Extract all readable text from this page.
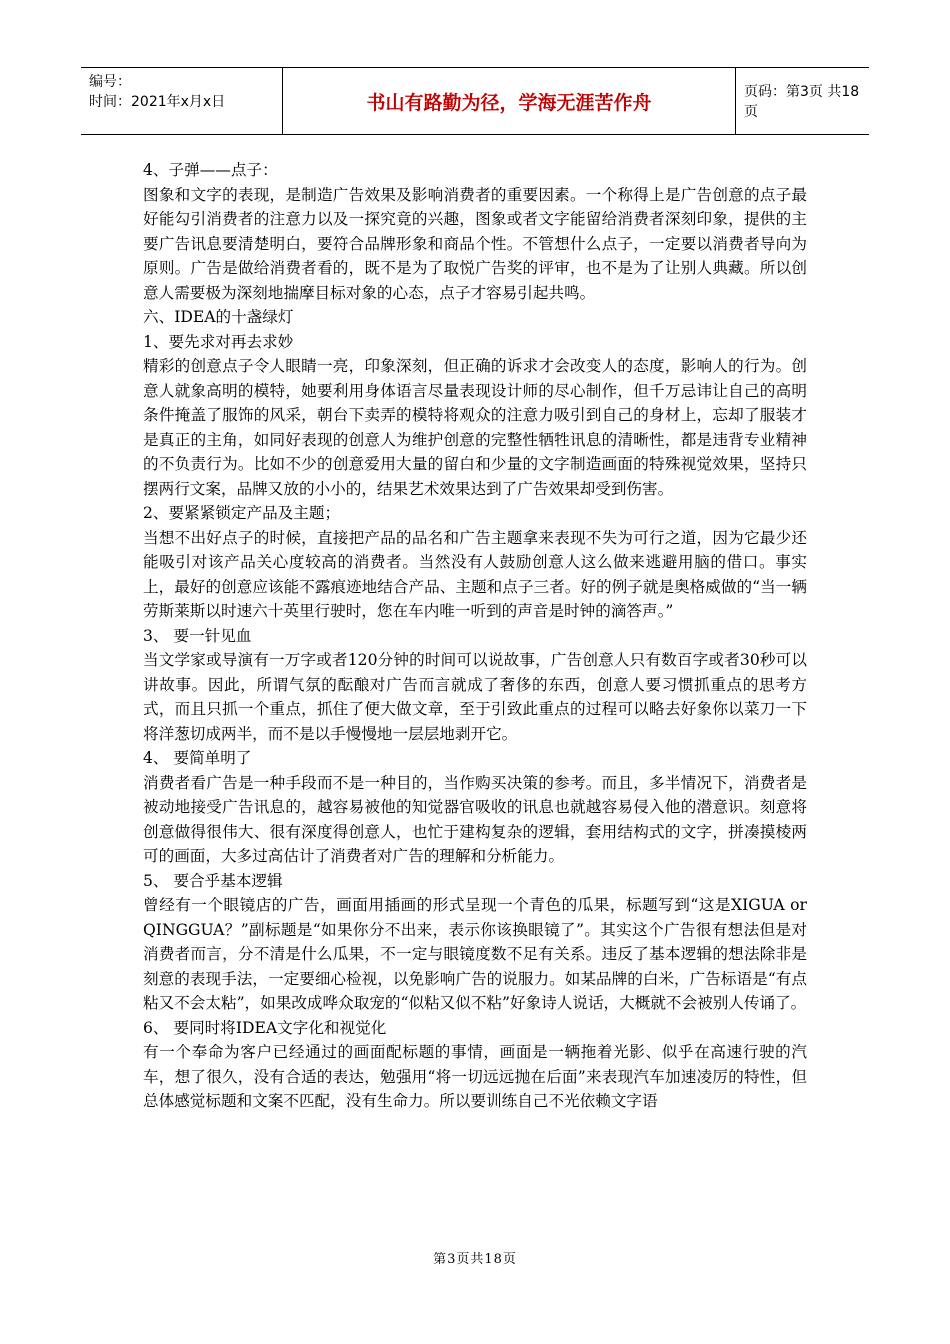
编号：
时间：2021年x月x日	书山有路勤为径，学海无涯苦作舟	页码：第3页 共18页

4、子弹——点子：

图象和文字的表现，是制造广告效果及影响消费者的重要因素。一个称得上是广告创意的点子最好能勾引消费者的注意力以及一探究竟的兴趣，图象或者文字能留给消费者深刻印象，提供的主要广告讯息要清楚明白，要符合品牌形象和商品个性。不管想什么点子，一定要以消费者导向为原则。广告是做给消费者看的，既不是为了取悦广告奖的评审，也不是为了让别人典藏。所以创意人需要极为深刻地揣摩目标对象的心态，点子才容易引起共鸣。

六、IDEA的十盏绿灯

1、要先求对再去求妙

精彩的创意点子令人眼睛一亮，印象深刻，但正确的诉求才会改变人的态度，影响人的行为。创意人就象高明的模特，她要利用身体语言尽量表现设计师的尽心制作，但千万忌讳让自己的高明条件掩盖了服饰的风采，朝台下卖弄的模特将观众的注意力吸引到自己的身材上，忘却了服装才是真正的主角，如同好表现的创意人为维护创意的完整性牺牲讯息的清晰性，都是违背专业精神的不负责行为。比如不少的创意爱用大量的留白和少量的文字制造画面的特殊视觉效果，坚持只摆两行文案，品牌又放的小小的，结果艺术效果达到了广告效果却受到伤害。

2、要紧紧锁定产品及主题；

当想不出好点子的时候，直接把产品的品名和广告主题拿来表现不失为可行之道，因为它最少还能吸引对该产品关心度较高的消费者。当然没有人鼓励创意人这么做来逃避用脑的借口。事实上，最好的创意应该能不露痕迹地结合产品、主题和点子三者。好的例子就是奥格威做的“当一辆劳斯莱斯以时速六十英里行驶时，您在车内唯一听到的声音是时钟的滴答声。”

3、 要一针见血

当文学家或导演有一万字或者120分钟的时间可以说故事，广告创意人只有数百字或者30秒可以讲故事。因此，所谓气氛的酝酿对广告而言就成了奢侈的东西，创意人要习惯抓重点的思考方式，而且只抓一个重点，抓住了便大做文章，至于引致此重点的过程可以略去好象你以菜刀一下将洋葱切成两半，而不是以手慢慢地一层层地剥开它。

4、 要简单明了

消费者看广告是一种手段而不是一种目的，当作购买决策的参考。而且，多半情况下，消费者是被动地接受广告讯息的，越容易被他的知觉器官吸收的讯息也就越容易侵入他的潜意识。刻意将创意做得很伟大、很有深度得创意人，也忙于建构复杂的逻辑，套用结构式的文字，拼凑摸棱两可的画面，大多过高估计了消费者对广告的理解和分析能力。

5、 要合乎基本逻辑

曾经有一个眼镜店的广告，画面用插画的形式呈现一个青色的瓜果，标题写到“这是XIGUA or QINGGUA？”副标题是“如果你分不出来，表示你该换眼镜了”。其实这个广告很有想法但是对消费者而言，分不清是什么瓜果，不一定与眼镜度数不足有关系。违反了基本逻辑的想法除非是刻意的表现手法，一定要细心检视，以免影响广告的说服力。如某品牌的白米，广告标语是“有点粘又不会太粘”，如果改成哗众取宠的“似粘又似不粘”好象诗人说话，大概就不会被别人传诵了。

6、 要同时将IDEA文字化和视觉化

有一个奉命为客户已经通过的画面配标题的事情，画面是一辆拖着光影、似乎在高速行驶的汽车，想了很久，没有合适的表达，勉强用“将一切远远抛在后面”来表现汽车加速凌厉的特性，但总体感觉标题和文案不匹配，没有生命力。所以要训练自己不光依赖文字语

第3页共18页
